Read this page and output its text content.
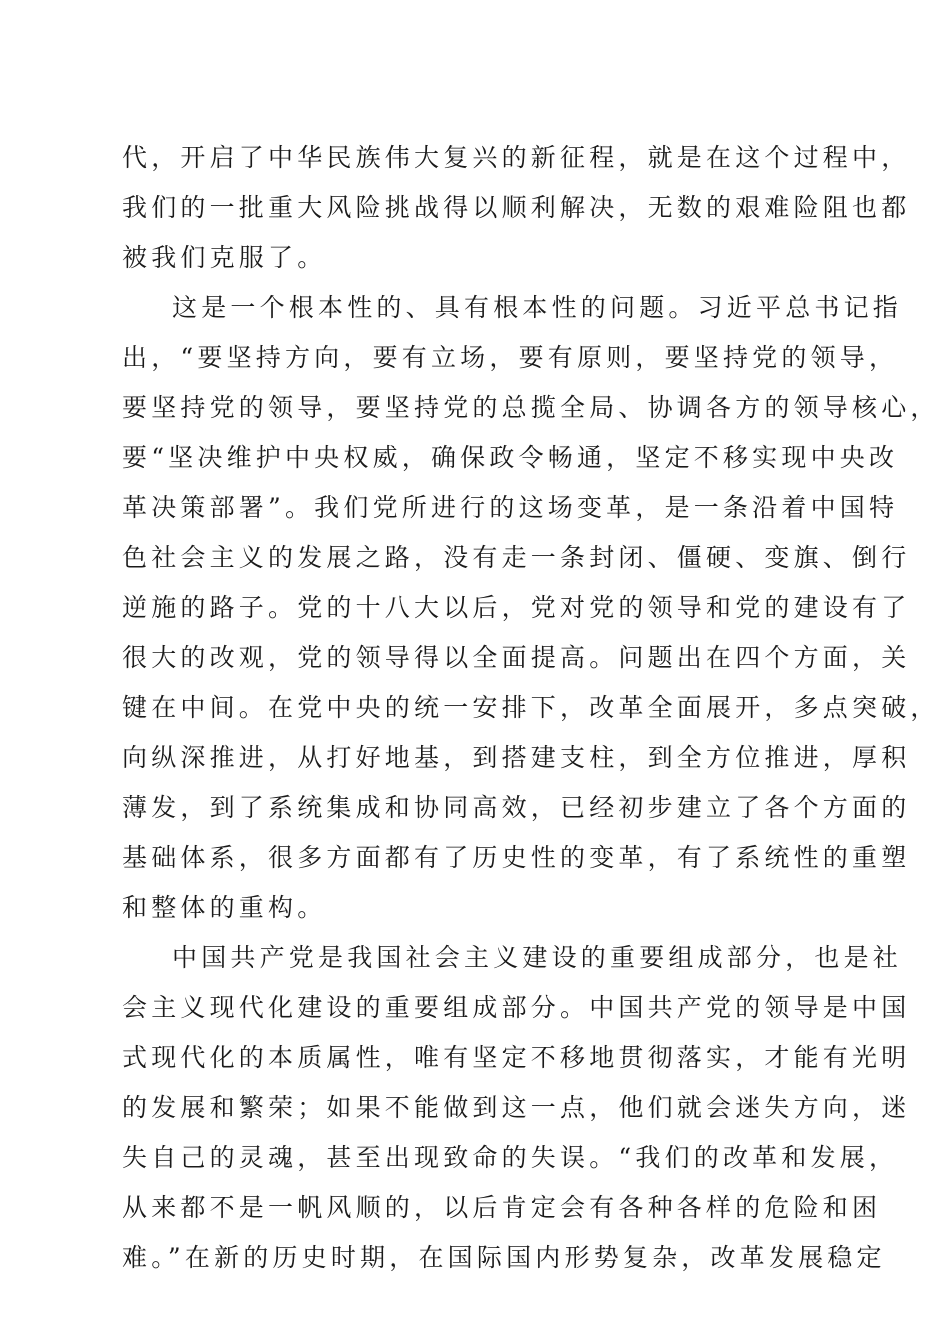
代，开启了中华民族伟大复兴的新征程，就是在这个过程中，
我们的一批重大风险挑战得以顺利解决，无数的艰难险阻也都
被我们克服了。
这是一个根本性的、具有根本性的问题。习近平总书记指
出，“要坚持方向，要有立场，要有原则，要坚持党的领导，
要坚持党的领导，要坚持党的总揽全局、协调各方的领导核心，
要“坚决维护中央权威，确保政令畅通，坚定不移实现中央改
革决策部署”。我们党所进行的这场变革，是一条沿着中国特
色社会主义的发展之路，没有走一条封闭、僵硬、变旗、倒行
逆施的路子。党的十八大以后，党对党的领导和党的建设有了
很大的改观，党的领导得以全面提高。问题出在四个方面，关
键在中间。在党中央的统一安排下，改革全面展开，多点突破，
向纵深推进，从打好地基，到搭建支柱，到全方位推进，厚积
薄发，到了系统集成和协同高效，已经初步建立了各个方面的
基础体系，很多方面都有了历史性的变革，有了系统性的重塑
和整体的重构。
中国共产党是我国社会主义建设的重要组成部分，也是社
会主义现代化建设的重要组成部分。中国共产党的领导是中国
式现代化的本质属性，唯有坚定不移地贯彻落实，才能有光明
的发展和繁荣；如果不能做到这一点，他们就会迷失方向，迷
失自己的灵魂，甚至出现致命的失误。“我们的改革和发展，
从来都不是一帆风顺的，以后肯定会有各种各样的危险和困
难。”在新的历史时期，在国际国内形势复杂，改革发展稳定
